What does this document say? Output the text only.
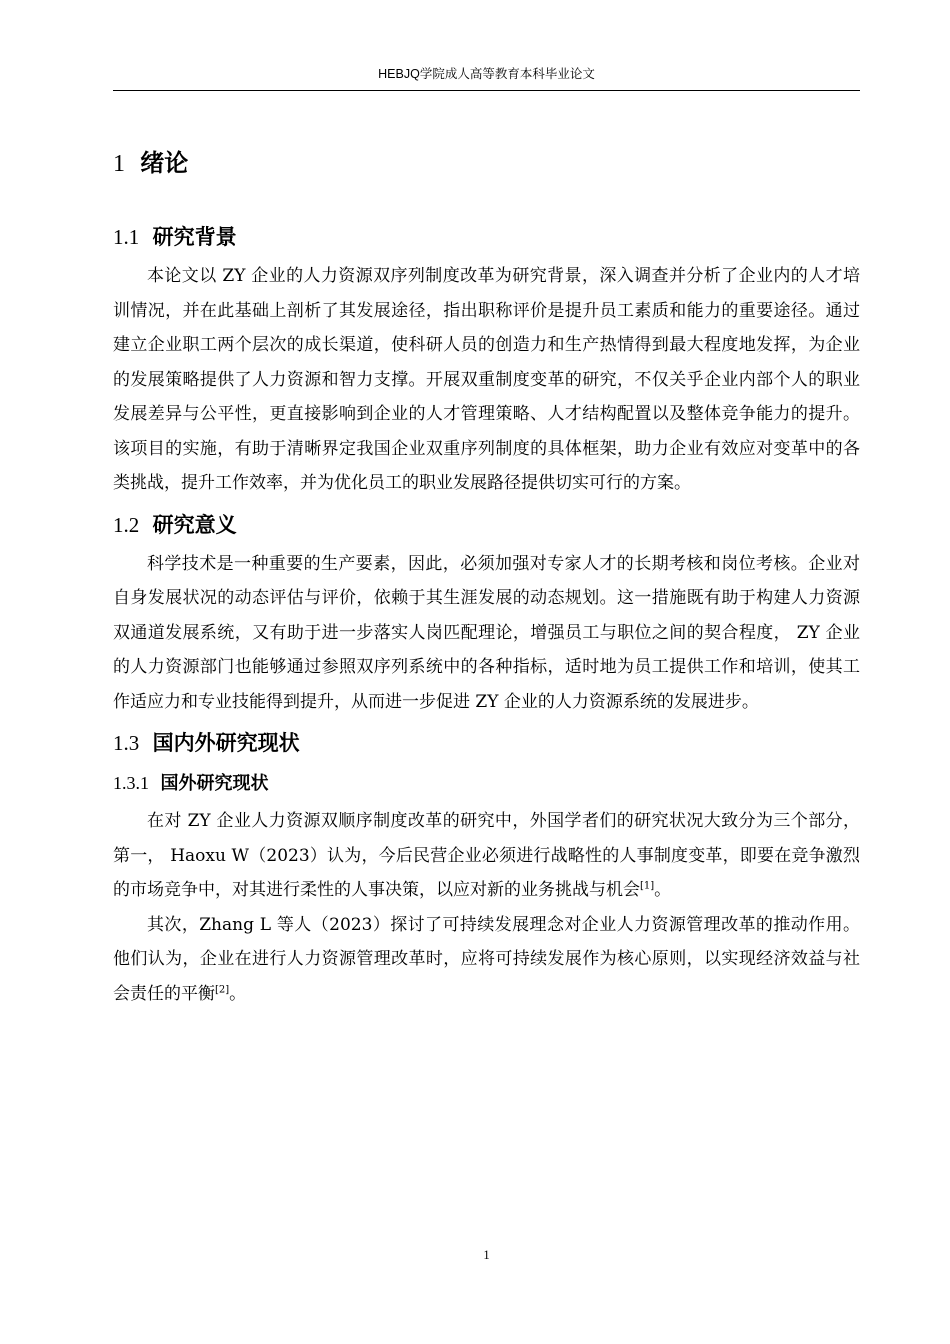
HEBJQ学院成人高等教育本科毕业论文
1 绪论
1.1 研究背景

本论文以 ZY 企业的人力资源双序列制度改革为研究背景，深入调查并分析了企业内的人才培训情况，并在此基础上剖析了其发展途径，指出职称评价是提升员工素质和能力的重要途径。通过建立企业职工两个层次的成长渠道，使科研人员的创造力和生产热情得到最大程度地发挥，为企业的发展策略提供了人力资源和智力支撑。开展双重制度变革的研究，不仅关乎企业内部个人的职业发展差异与公平性，更直接影响到企业的人才管理策略、人才结构配置以及整体竞争能力的提升。该项目的实施，有助于清晰界定我国企业双重序列制度的具体框架，助力企业有效应对变革中的各类挑战，提升工作效率，并为优化员工的职业发展路径提供切实可行的方案。

1.2 研究意义

科学技术是一种重要的生产要素，因此，必须加强对专家人才的长期考核和岗位考核。企业对自身发展状况的动态评估与评价，依赖于其生涯发展的动态规划。这一措施既有助于构建人力资源双通道发展系统，又有助于进一步落实人岗匹配理论，增强员工与职位之间的契合程度， ZY 企业的人力资源部门也能够通过参照双序列系统中的各种指标，适时地为员工提供工作和培训，使其工作适应力和专业技能得到提升，从而进一步促进 ZY 企业的人力资源系统的发展进步。

1.3 国内外研究现状
1.3.1 国外研究现状

在对 ZY 企业人力资源双顺序制度改革的研究中，外国学者们的研究状况大致分为三个部分，第一， Haoxu W（2023）认为，今后民营企业必须进行战略性的人事制度变革，即要在竞争激烈的市场竞争中，对其进行柔性的人事决策，以应对新的业务挑战与机会[1]。

其次，Zhang L 等人（2023）探讨了可持续发展理念对企业人力资源管理改革的推动作用。他们认为，企业在进行人力资源管理改革时，应将可持续发展作为核心原则，以实现经济效益与社会责任的平衡[2]。

1
